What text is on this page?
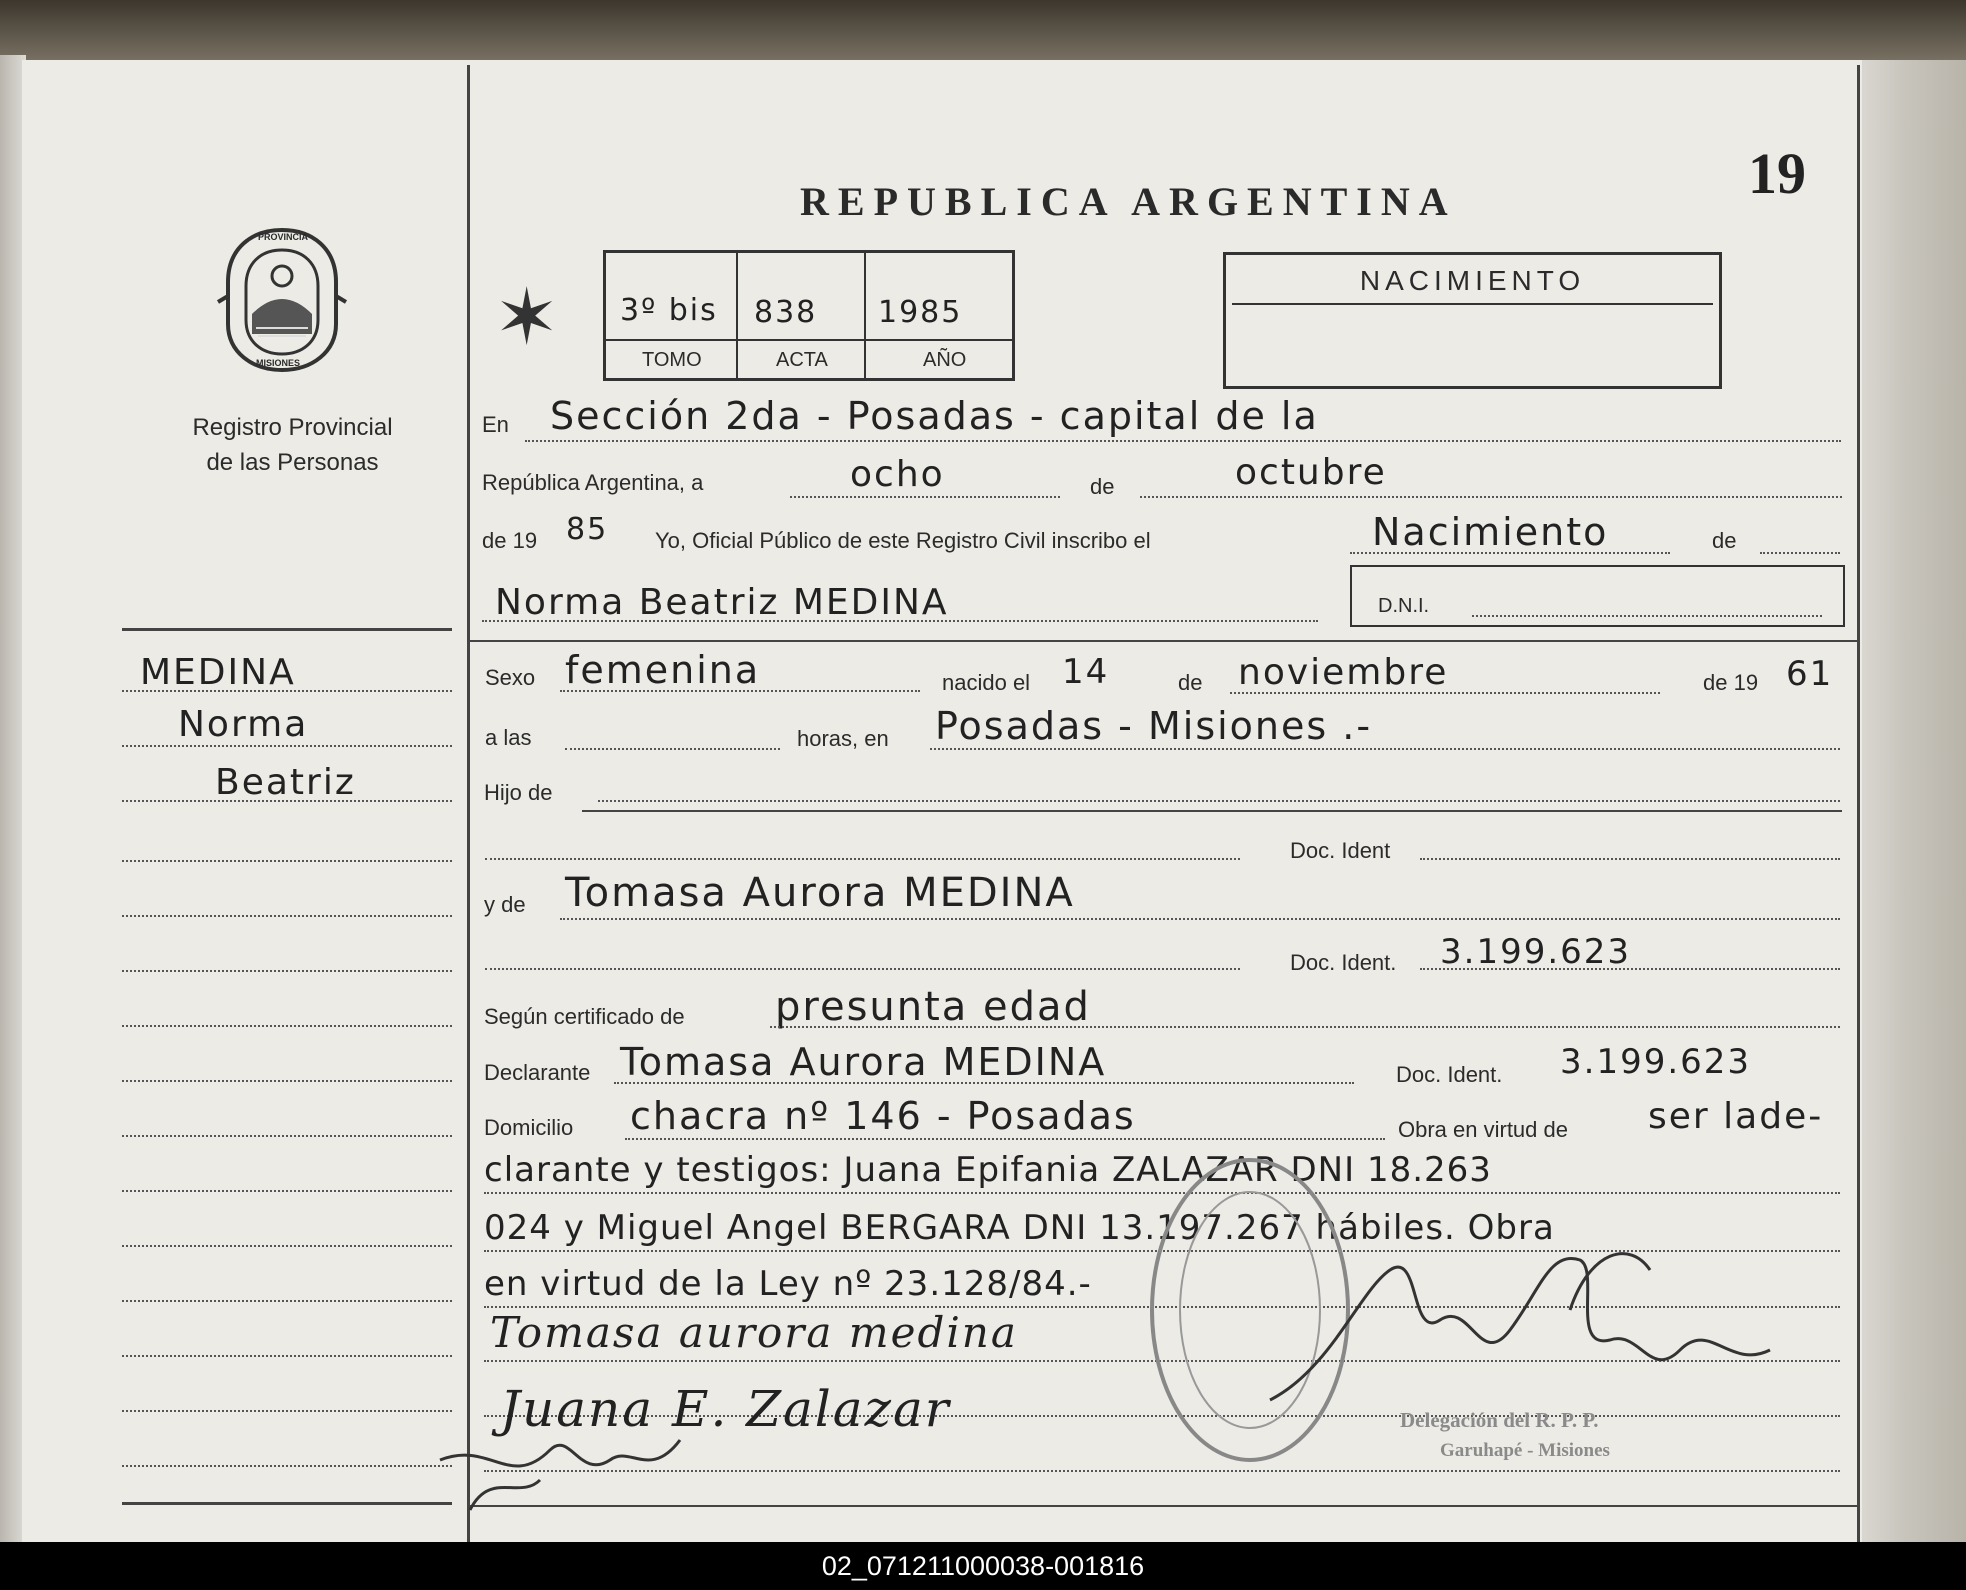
19
REPUBLICA ARGENTINA
PROVINCIA
MISIONES
Registro Provincial
de las Personas
MEDINA
Norma
Beatriz
✶ 3º bis 838 1985
TOMO	ACTA	AÑO
NACIMIENTO
En Sección 2da - Posadas - capital de la
República Argentina, a	ocho	de	octubre
de 19 85 Yo, Oficial Público de este Registro Civil inscribo el	Nacimiento	de
Norma Beatriz MEDINA	D.N.I.
Sexo femenina	nacido el 14	de noviembre	de 19 61
a las	horas, en Posadas - Misiones .-
Hijo de
Doc. Ident
y de Tomasa Aurora MEDINA
Doc. Ident. 3.199.623
Según certificado de presunta edad
Declarante Tomasa Aurora MEDINA	Doc. Ident. 3.199.623
Domicilio chacra nº 146 - Posadas	Obra en virtud de ser lade-
clarante y testigos: Juana Epifania ZALAZAR DNI 18.263
024 y Miguel Angel BERGARA DNI 13.197.267 hábiles. Obra
en virtud de la Ley nº 23.128/84.-
Tomasa aurora medina
Juana E. Zalazar	Delegación del R. P. P.
Garuhapé - Misiones
02_071211000038-001816
